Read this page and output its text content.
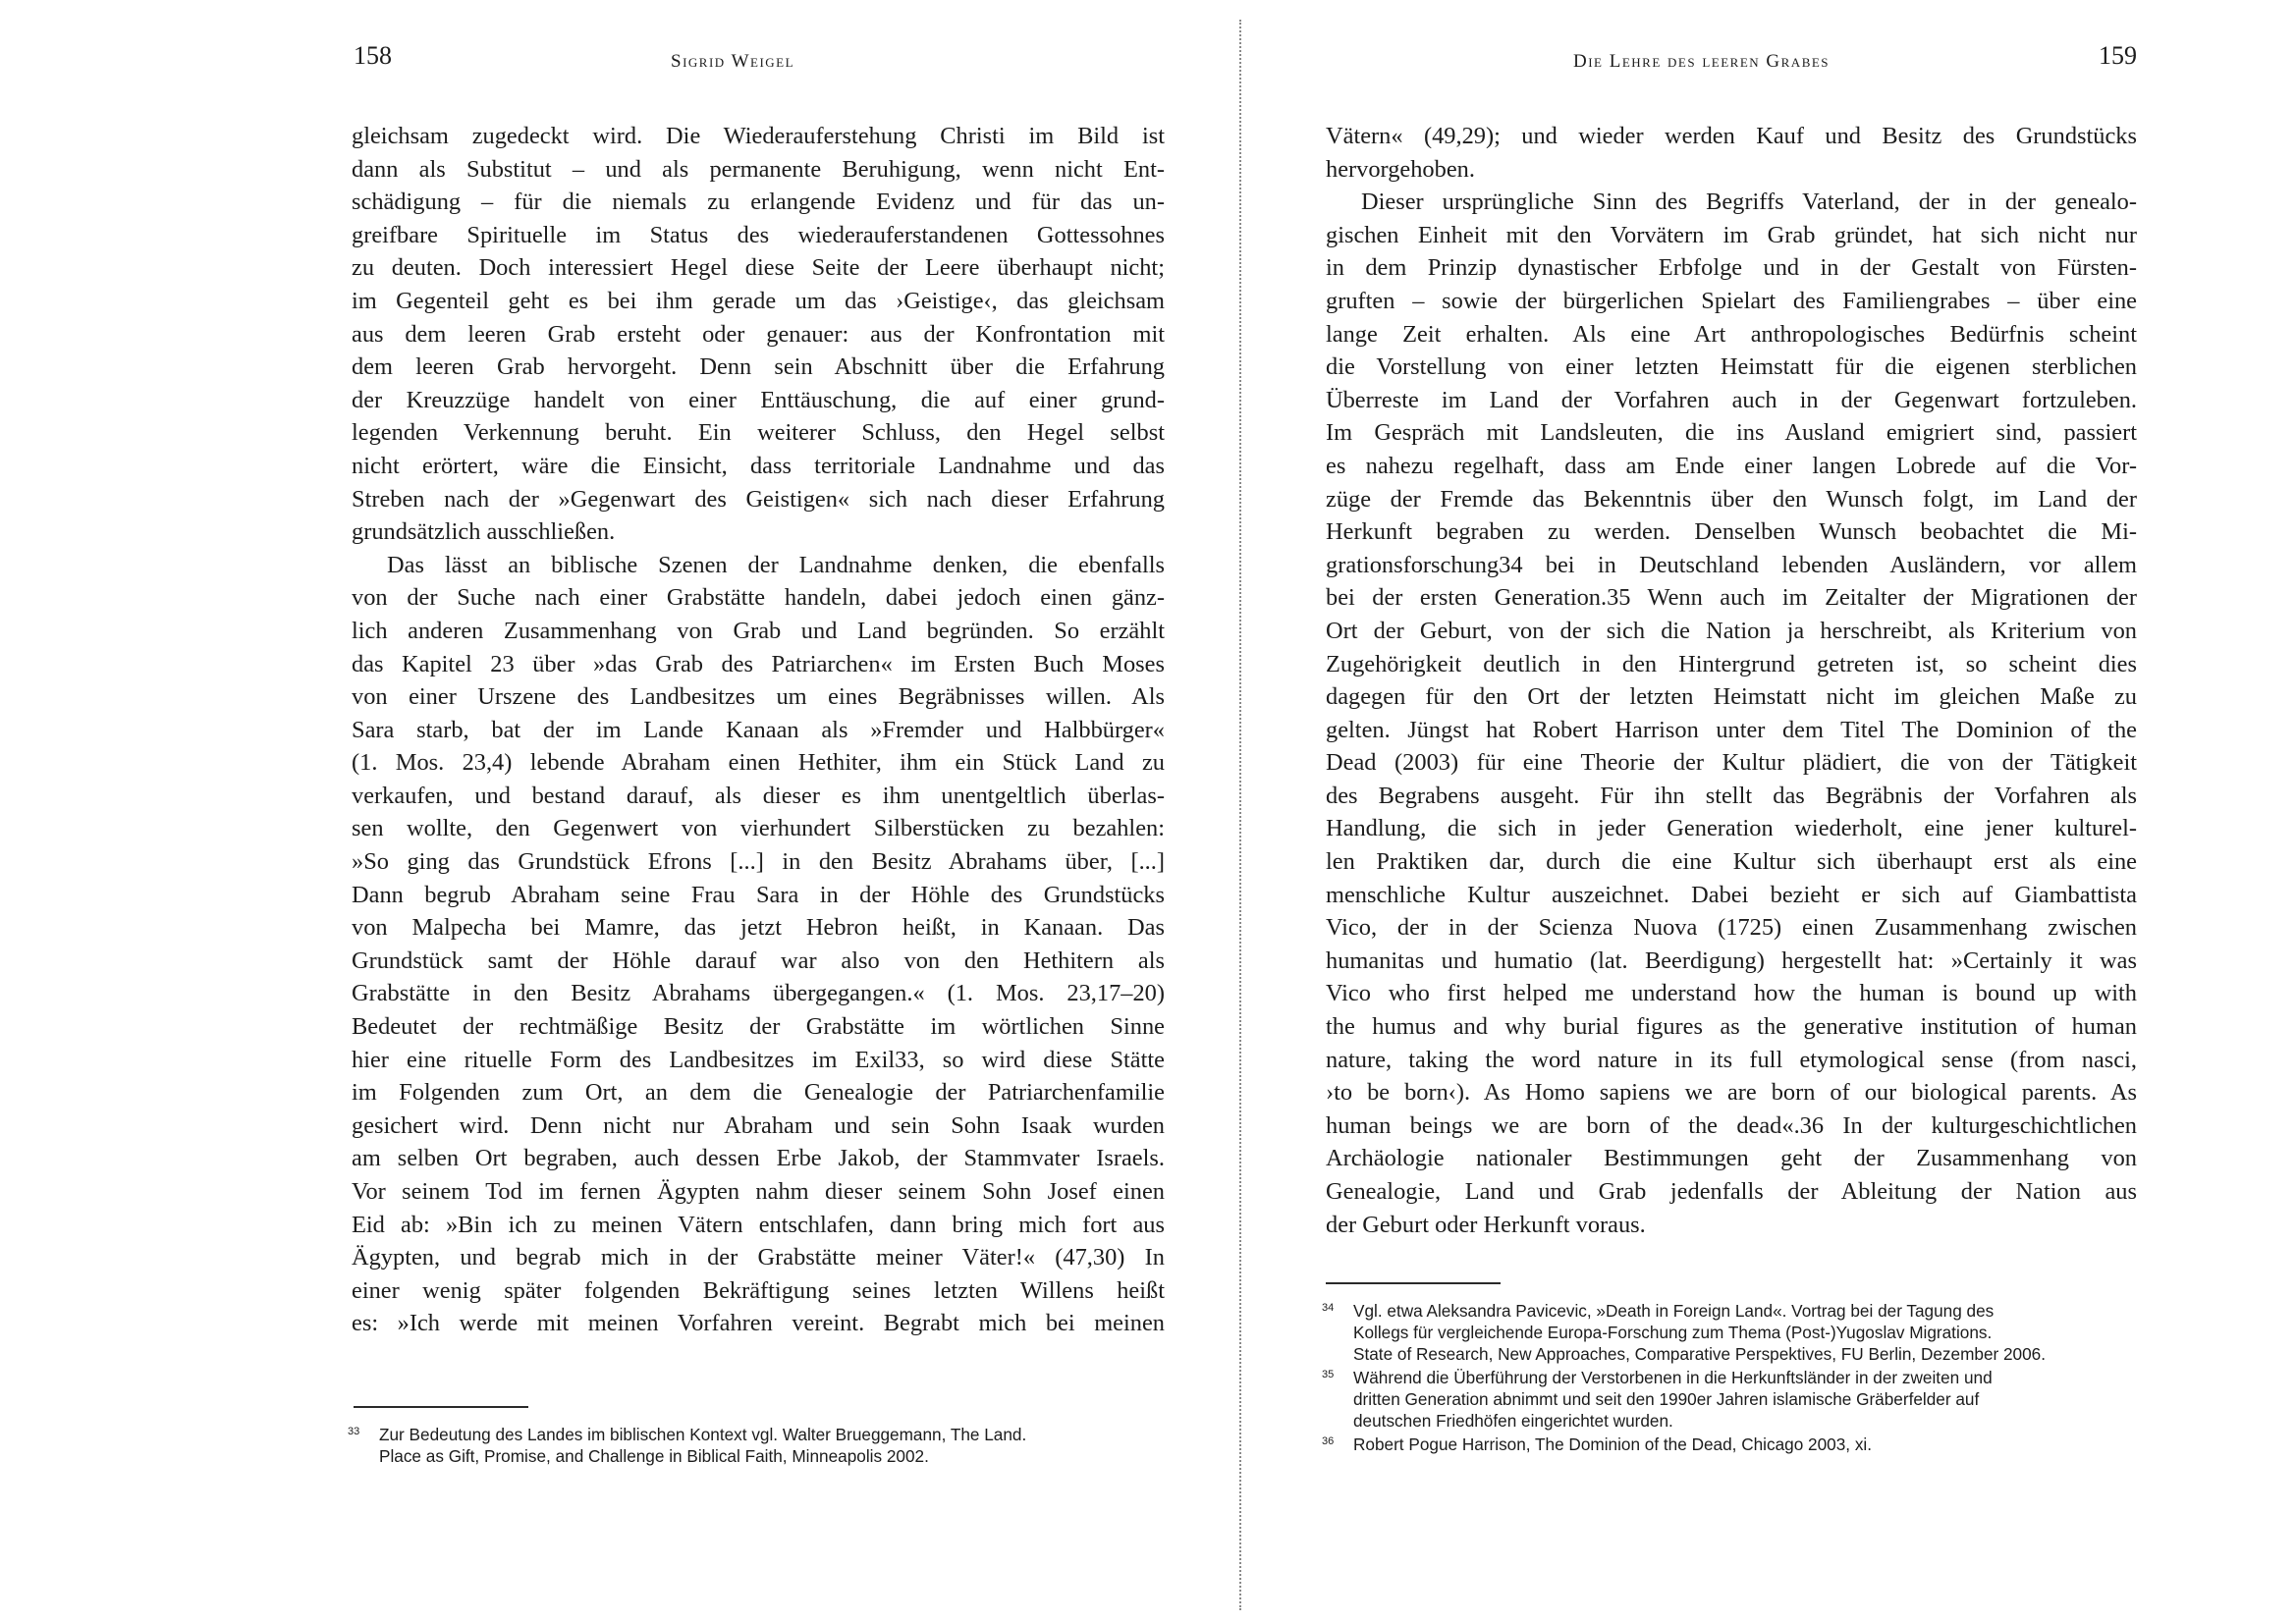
158	Sigrid Weigel
gleichsam zugedeckt wird. Die Wiederauferstehung Christi im Bild ist
dann als Substitut – und als permanente Beruhigung, wenn nicht Ent-
schädigung – für die niemals zu erlangende Evidenz und für das un-
greifbare Spirituelle im Status des wiederauferstandenen Gottessohnes
zu deuten. Doch interessiert Hegel diese Seite der Leere überhaupt nicht;
im Gegenteil geht es bei ihm gerade um das ›Geistige‹, das gleichsam
aus dem leeren Grab ersteht oder genauer: aus der Konfrontation mit
dem leeren Grab hervorgeht. Denn sein Abschnitt über die Erfahrung
der Kreuzzüge handelt von einer Enttäuschung, die auf einer grund-
legenden Verkennung beruht. Ein weiterer Schluss, den Hegel selbst
nicht erörtert, wäre die Einsicht, dass territoriale Landnahme und das
Streben nach der »Gegenwart des Geistigen« sich nach dieser Erfahrung
grundsätzlich ausschließen.
Das lässt an biblische Szenen der Landnahme denken, die ebenfalls
von der Suche nach einer Grabstätte handeln, dabei jedoch einen gänz-
lich anderen Zusammenhang von Grab und Land begründen. So erzählt
das Kapitel 23 über »das Grab des Patriarchen« im Ersten Buch Moses
von einer Urszene des Landbesitzes um eines Begräbnisses willen. Als
Sara starb, bat der im Lande Kanaan als »Fremder und Halbbürger«
(1. Mos. 23,4) lebende Abraham einen Hethiter, ihm ein Stück Land zu
verkaufen, und bestand darauf, als dieser es ihm unentgeltlich überlas-
sen wollte, den Gegenwert von vierhundert Silberstücken zu bezahlen:
»So ging das Grundstück Efrons [...] in den Besitz Abrahams über, [...]
Dann begrub Abraham seine Frau Sara in der Höhle des Grundstücks
von Malpecha bei Mamre, das jetzt Hebron heißt, in Kanaan. Das
Grundstück samt der Höhle darauf war also von den Hethitern als
Grabstätte in den Besitz Abrahams übergegangen.« (1. Mos. 23,17–20)
Bedeutet der rechtmäßige Besitz der Grabstätte im wörtlichen Sinne
hier eine rituelle Form des Landbesitzes im Exil33, so wird diese Stätte
im Folgenden zum Ort, an dem die Genealogie der Patriarchenfamilie
gesichert wird. Denn nicht nur Abraham und sein Sohn Isaak wurden
am selben Ort begraben, auch dessen Erbe Jakob, der Stammvater Israels.
Vor seinem Tod im fernen Ägypten nahm dieser seinem Sohn Josef einen
Eid ab: »Bin ich zu meinen Vätern entschlafen, dann bring mich fort aus
Ägypten, und begrab mich in der Grabstätte meiner Väter!« (47,30) In
einer wenig später folgenden Bekräftigung seines letzten Willens heißt
es: »Ich werde mit meinen Vorfahren vereint. Begrabt mich bei meinen
33 Zur Bedeutung des Landes im biblischen Kontext vgl. Walter Brueggemann, The Land.
Place as Gift, Promise, and Challenge in Biblical Faith, Minneapolis 2002.
Die Lehre des leeren Grabes	159
Vätern« (49,29); und wieder werden Kauf und Besitz des Grundstücks
hervorgehoben.
Dieser ursprüngliche Sinn des Begriffs Vaterland, der in der genealo-
gischen Einheit mit den Vorvätern im Grab gründet, hat sich nicht nur
in dem Prinzip dynastischer Erbfolge und in der Gestalt von Fürsten-
gruften – sowie der bürgerlichen Spielart des Familiengrabes – über eine
lange Zeit erhalten. Als eine Art anthropologisches Bedürfnis scheint
die Vorstellung von einer letzten Heimstatt für die eigenen sterblichen
Überreste im Land der Vorfahren auch in der Gegenwart fortzuleben.
Im Gespräch mit Landsleuten, die ins Ausland emigriert sind, passiert
es nahezu regelhaft, dass am Ende einer langen Lobrede auf die Vor-
züge der Fremde das Bekenntnis über den Wunsch folgt, im Land der
Herkunft begraben zu werden. Denselben Wunsch beobachtet die Mi-
grationsforschung34 bei in Deutschland lebenden Ausländern, vor allem
bei der ersten Generation.35 Wenn auch im Zeitalter der Migrationen der
Ort der Geburt, von der sich die Nation ja herschreibt, als Kriterium von
Zugehörigkeit deutlich in den Hintergrund getreten ist, so scheint dies
dagegen für den Ort der letzten Heimstatt nicht im gleichen Maße zu
gelten. Jüngst hat Robert Harrison unter dem Titel The Dominion of the
Dead (2003) für eine Theorie der Kultur plädiert, die von der Tätigkeit
des Begrabens ausgeht. Für ihn stellt das Begräbnis der Vorfahren als
Handlung, die sich in jeder Generation wiederholt, eine jener kulturel-
len Praktiken dar, durch die eine Kultur sich überhaupt erst als eine
menschliche Kultur auszeichnet. Dabei bezieht er sich auf Giambattista
Vico, der in der Scienza Nuova (1725) einen Zusammenhang zwischen
humanitas und humatio (lat. Beerdigung) hergestellt hat: »Certainly it was
Vico who first helped me understand how the human is bound up with
the humus and why burial figures as the generative institution of human
nature, taking the word nature in its full etymological sense (from nasci,
›to be born‹). As Homo sapiens we are born of our biological parents. As
human beings we are born of the dead«.36 In der kulturgeschichtlichen
Archäologie nationaler Bestimmungen geht der Zusammenhang von
Genealogie, Land und Grab jedenfalls der Ableitung der Nation aus
der Geburt oder Herkunft voraus.
34 Vgl. etwa Aleksandra Pavicevic, »Death in Foreign Land«. Vortrag bei der Tagung des
Kollegs für vergleichende Europa-Forschung zum Thema (Post-)Yugoslav Migrations.
State of Research, New Approaches, Comparative Perspektives, FU Berlin, Dezember 2006.
35 Während die Überführung der Verstorbenen in die Herkunftsländer in der zweiten und
dritten Generation abnimmt und seit den 1990er Jahren islamische Gräberfelder auf
deutschen Friedhöfen eingerichtet wurden.
36 Robert Pogue Harrison, The Dominion of the Dead, Chicago 2003, xi.
